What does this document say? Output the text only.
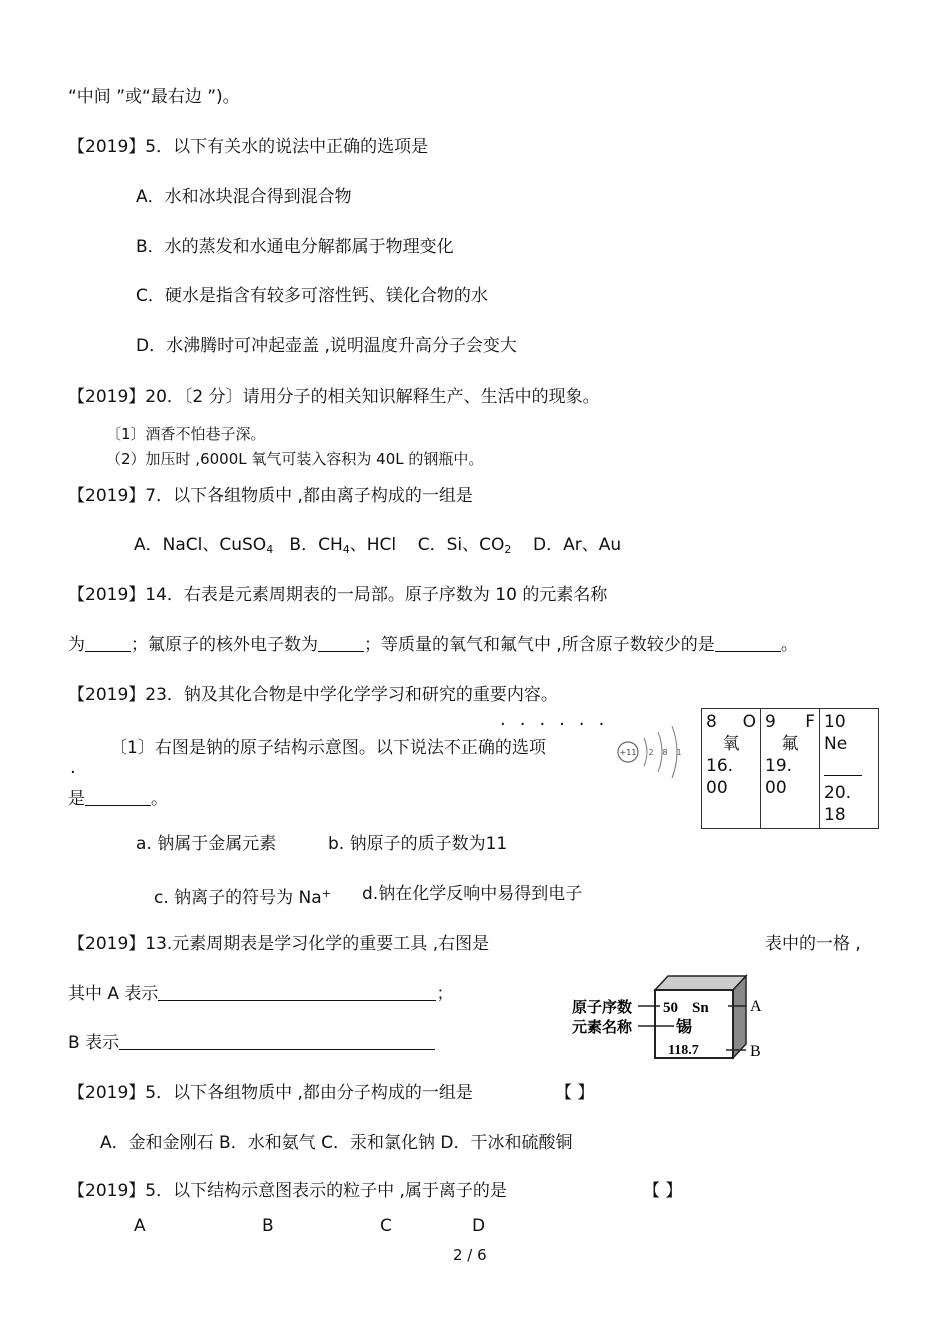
“中间 ”或“最右边 ”)。
【2019】5．以下有关水的说法中正确的选项是
A．水和冰块混合得到混合物
B．水的蒸发和水通电分解都属于物理变化
C．硬水是指含有较多可溶性钙、镁化合物的水
D．水沸腾时可冲起壶盖 ,说明温度升高分子会变大
【2019】20．〔2 分〕请用分子的相关知识解释生产、生活中的现象。
〔1〕酒香不怕巷子深。
（2）加压时 ,6000L 氧气可装入容积为 40L 的钢瓶中。
【2019】7．以下各组物质中 ,都由离子构成的一组是
A．NaCl、CuSO$_4$ B．$CH_4$、HCl C．Si、$CO_2$ D．Ar、Au
【2019】14．右表是元素周期表的一局部。原子序数为 10 的元素名称
为	；氟原子的核外电子数为	；等质量的氧气和氟气中 ,所含原子数较少的是	。
【2019】23．钠及其化合物是中学化学学习和研究的重要内容。
······
〔1〕右图是钠的原子结构示意图。以下说法不正确的选项
·
是	。
+11 2 8 1
8 O
氧
16.
00

9 F
氟
19.
00

10
Ne
20.
18
a. 钠属于金属元素	b. 钠原子的质子数为11
c. 钠离子的符号为 Na+ d.钠在化学反响中易得到电子
【2019】13.元素周期表是学习化学的重要工具 ,右图是	表中的一格 ,
其中 A 表示	；
B 表示
50 Sn
锡
118.7
原子序数
元素名称
A
B
【2019】5．以下各组物质中 ,都由分子构成的一组是	【 】
A．金和金刚石 B．水和氨气 C．汞和氯化钠 D．干冰和硫酸铜
【2019】5．以下结构示意图表示的粒子中 ,属于离子的是	【 】
A	B	C	D
2 / 6
